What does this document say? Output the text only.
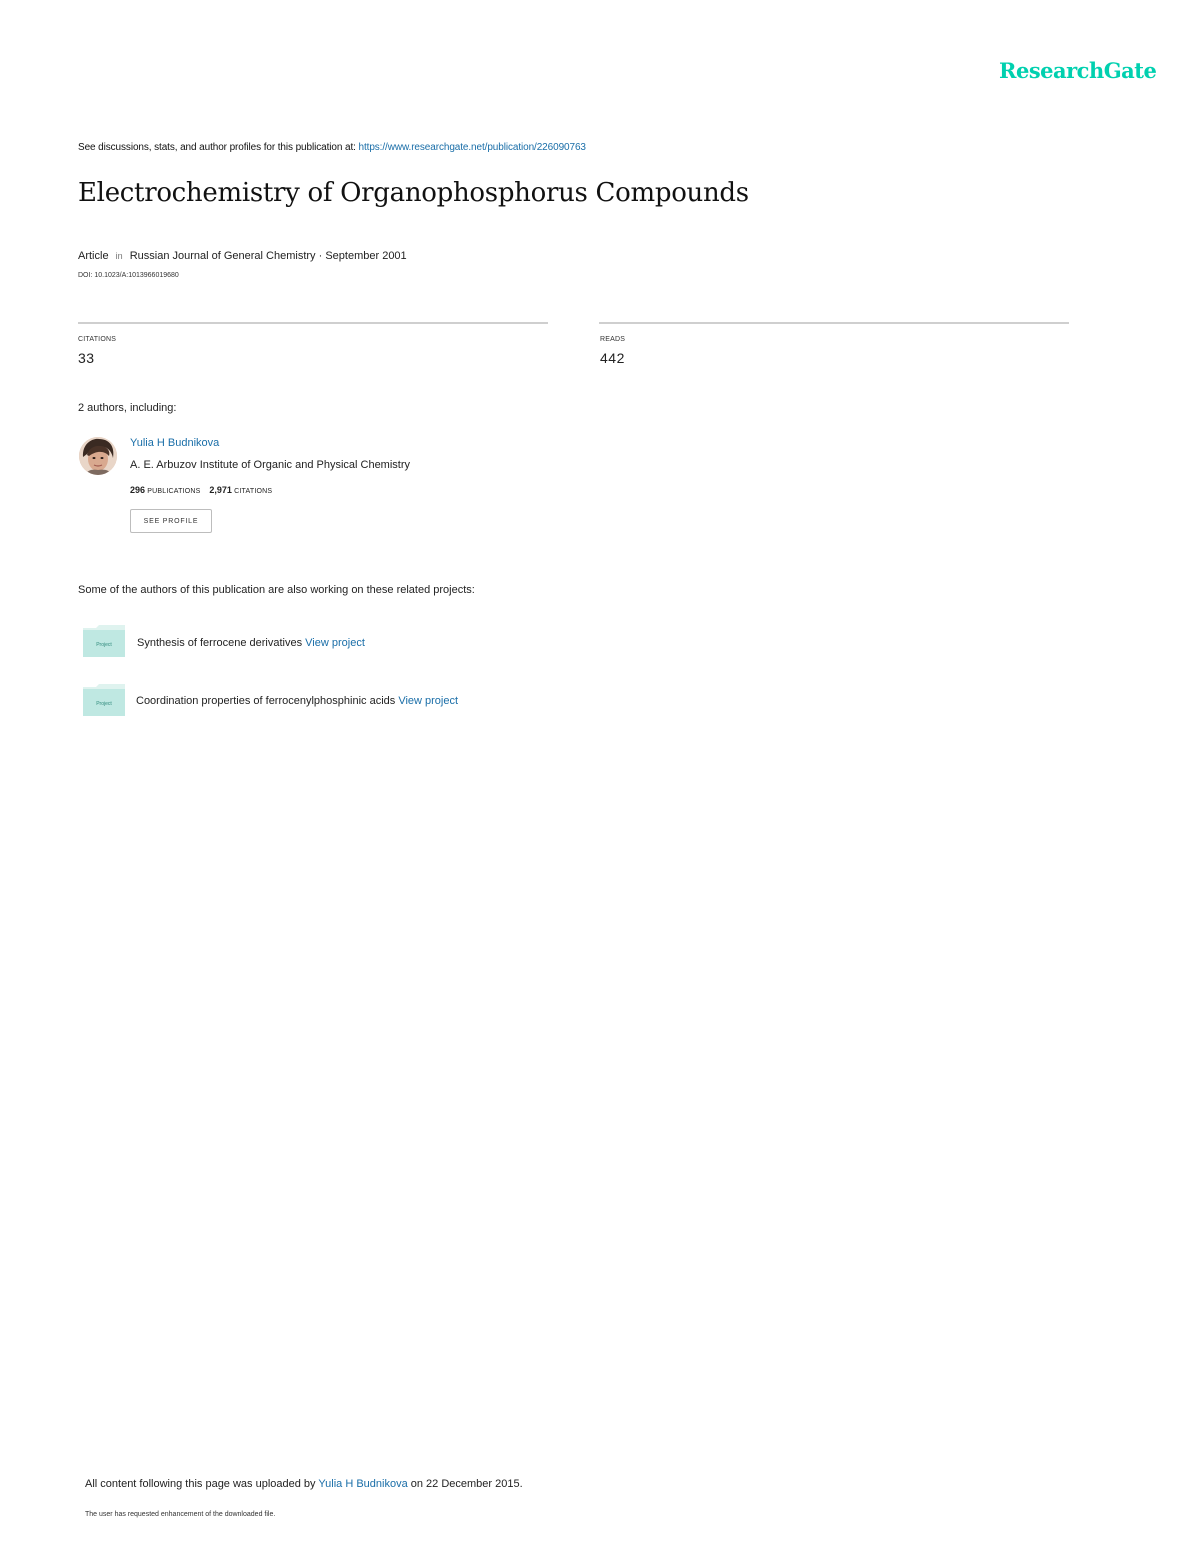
ResearchGate
See discussions, stats, and author profiles for this publication at: https://www.researchgate.net/publication/226090763
Electrochemistry of Organophosphorus Compounds
Article in Russian Journal of General Chemistry · September 2001
DOI: 10.1023/A:1013966019680
CITATIONS
33
READS
442
2 authors, including:
Yulia H Budnikova
A. E. Arbuzov Institute of Organic and Physical Chemistry
296 PUBLICATIONS 2,971 CITATIONS
SEE PROFILE
Some of the authors of this publication are also working on these related projects:
Project Synthesis of ferrocene derivatives View project
Project Coordination properties of ferrocenylphosphinic acids View project
All content following this page was uploaded by Yulia H Budnikova on 22 December 2015.
The user has requested enhancement of the downloaded file.
